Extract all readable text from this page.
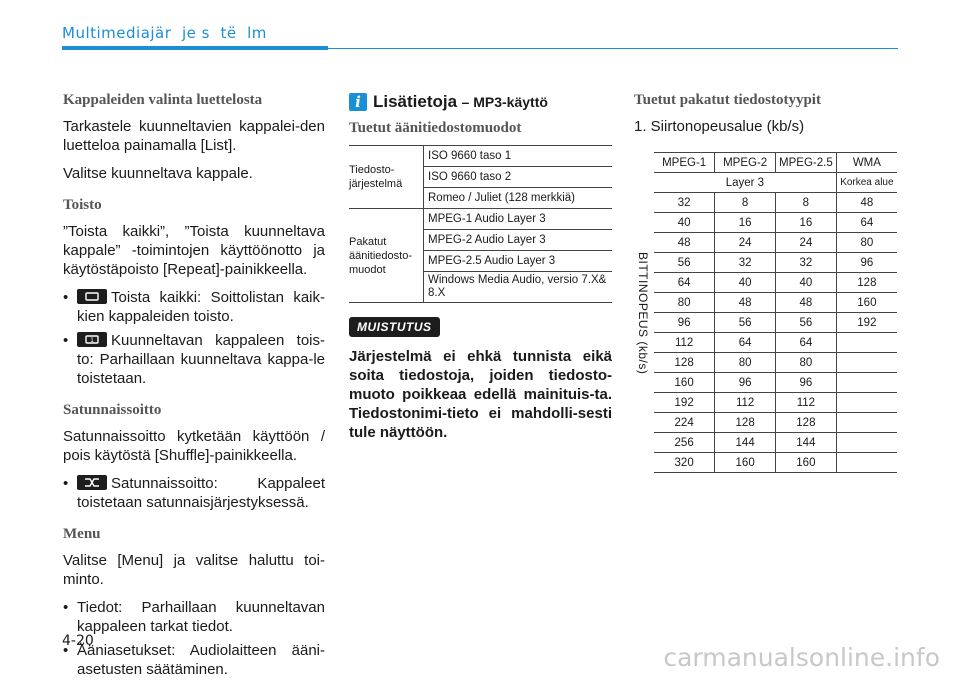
Multimediajär  je s  tё  lm
Kappaleiden valinta luettelosta

Tarkastele kuunneltavien kappalei-den luetteloa painamalla [List].

Valitse kuunneltava kappale.

Toisto

”Toista kaikki”, ”Toista kuunneltava kappale” -toimintojen käyttöönotto ja käytöstäpoisto [Repeat]-painikkeella.

• Toista kaikki: Soittolistan kaik-kien kappaleiden toisto.
• 1 Kuunneltavan kappaleen tois-to: Parhaillaan kuunneltava kappa-le toistetaan.
Satunnaissoitto

Satunnaissoitto kytketään käyttöön / pois käytöstä [Shuffle]-painikkeella.

• Satunnaissoitto: Kappaleet toistetaan satunnaisjärjestyksessä.
Menu

Valitse [Menu] ja valitse haluttu toi-minto.

• Tiedot: Parhaillaan kuunneltavan kappaleen tarkat tiedot.
• Ääniasetukset: Audiolaitteen ääni-asetusten säätäminen.
i Lisätietoja
– MP3-käyttö
Tuetut äänitiedostomuodot
Tiedosto-järjestelmä	ISO 9660 taso 1
	ISO 9660 taso 2
	Romeo / Juliet (128 merkkiä)
Pakatut äänitiedosto-muodot	MPEG-1 Audio Layer 3
	MPEG-2 Audio Layer 3
	MPEG-2.5 Audio Layer 3
	Windows Media Audio, versio 7.X& 8.X
MUISTUTUS

Järjestelmä ei ehkä tunnista eikä soita tiedostoja, joiden tiedosto-muoto poikkeaa edellä mainituis-ta. Tiedostonimi-tieto ei mahdolli-sesti tule näyttöön.

Tuetut pakatut tiedostotyypit

1. Siirtonopeusalue (kb/s)

BITTINOPEUS (kb/s)
MPEG-1	MPEG-2	MPEG-2.5	WMA
Layer 3			Korkea alue
32	8	8	48
40	16	16	64
48	24	24	80
56	32	32	96
64	40	40	128
80	48	48	160
96	56	56	192
112	64	64	
128	80	80	
160	96	96	
192	112	112	
224	128	128	
256	144	144	
320	160	160	
4-20
carmanualsonline.info
